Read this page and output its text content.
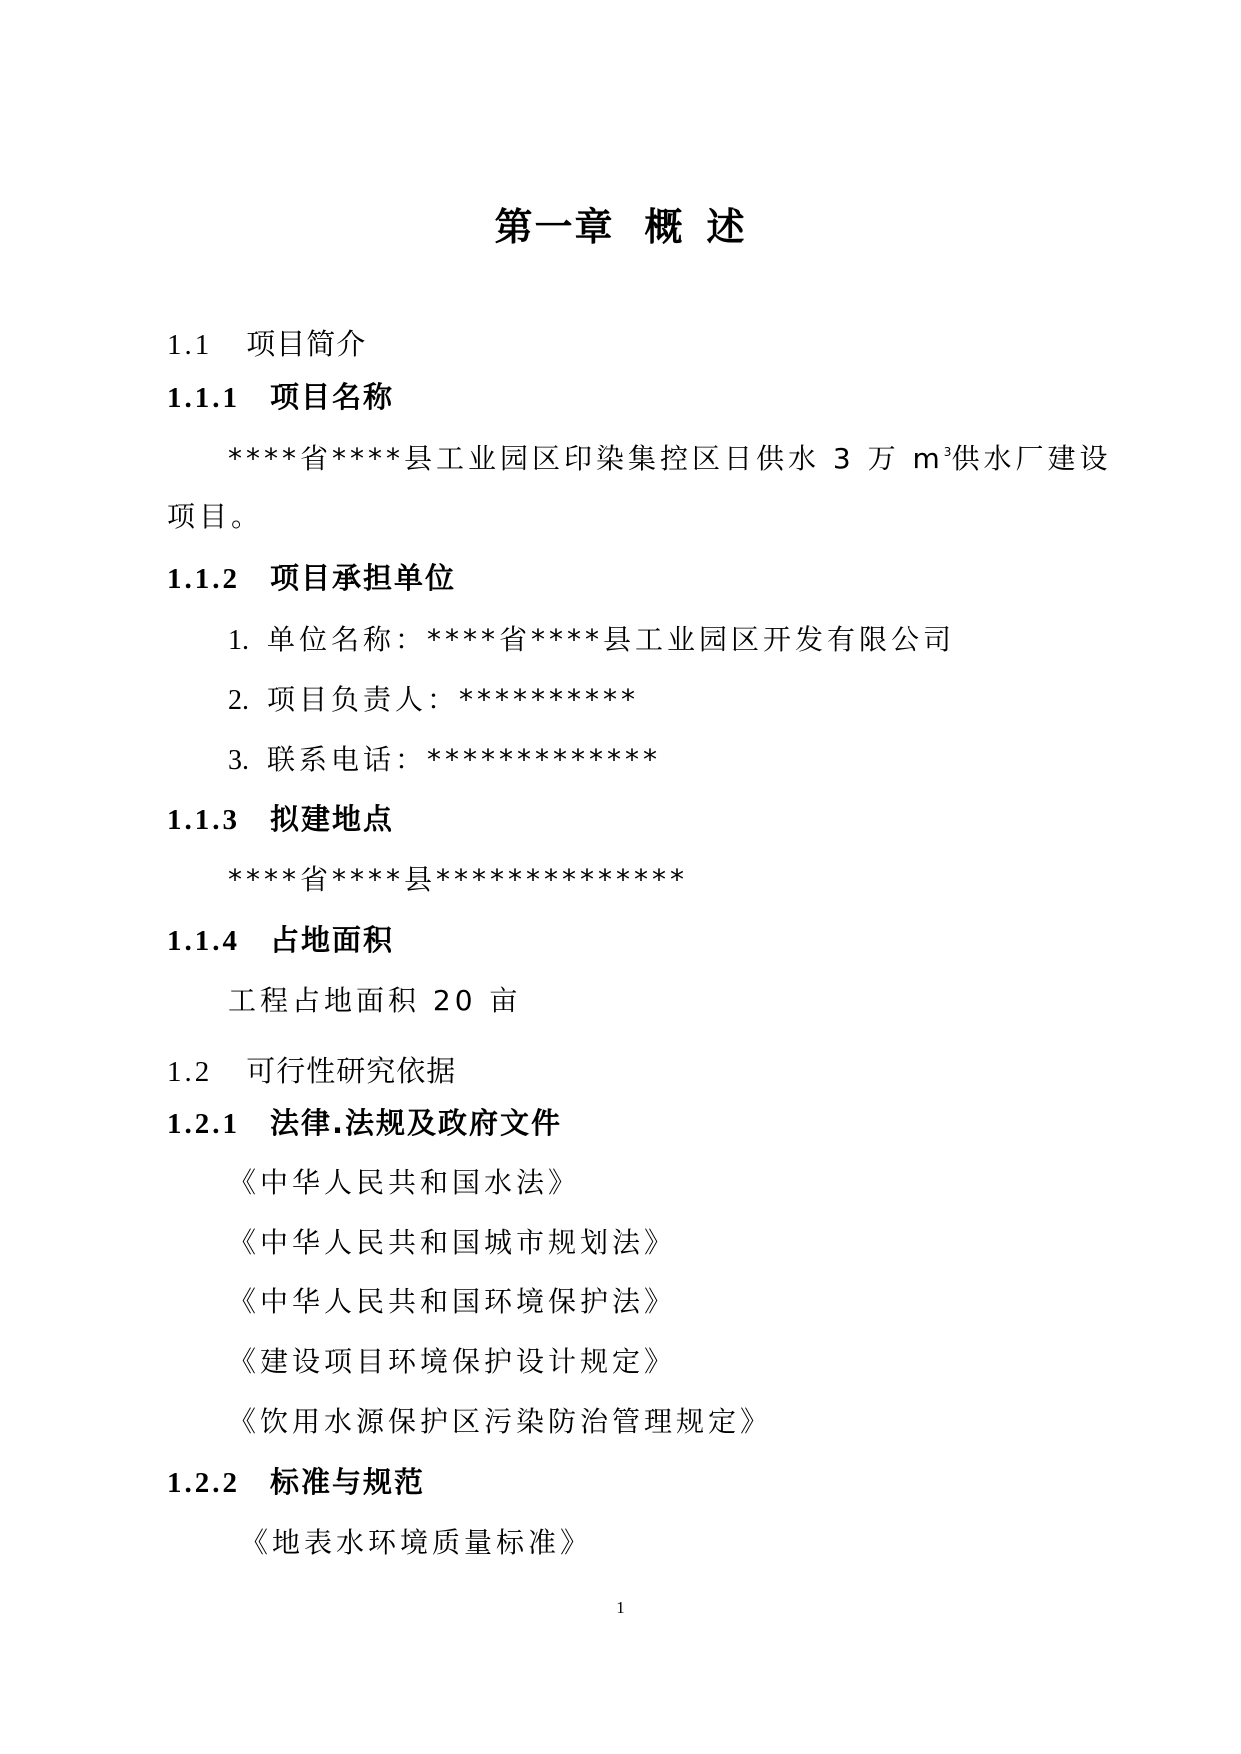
第一章 概 述
1.1 项目简介
1.1.1 项目名称
****省****县工业园区印染集控区日供水 3 万 $m^3$供水厂建设
项目。
1.1.2 项目承担单位
1. 单位名称：****省****县工业园区开发有限公司
2. 项目负责人：**********
3. 联系电话：*************
1.1.3 拟建地点
****省****县**************
1.1.4 占地面积
工程占地面积 20 亩
1.2 可行性研究依据
1.2.1 法律.法规及政府文件
《中华人民共和国水法》
《中华人民共和国城市规划法》
《中华人民共和国环境保护法》
《建设项目环境保护设计规定》
《饮用水源保护区污染防治管理规定》
1.2.2 标准与规范
《地表水环境质量标准》
1
